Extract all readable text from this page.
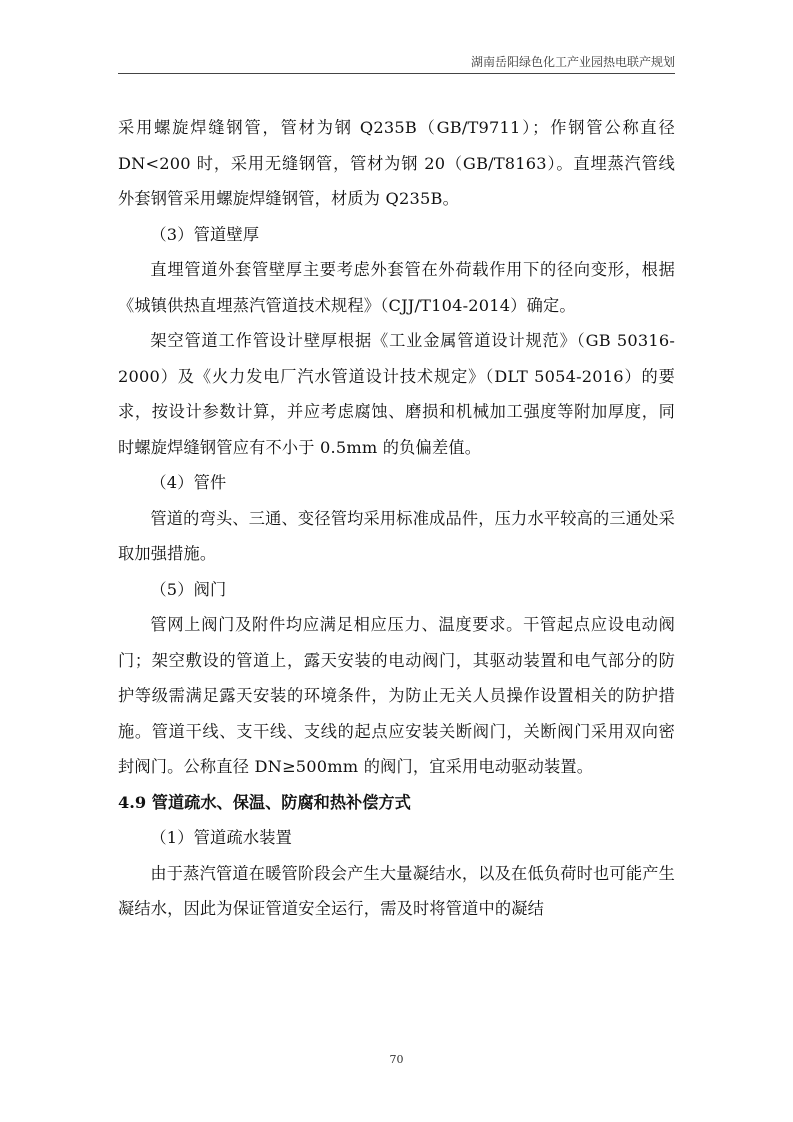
湖南岳阳绿色化工产业园热电联产规划

采用螺旋焊缝钢管，管材为钢 Q235B（GB/T9711）；作钢管公称直径 DN<200 时，采用无缝钢管，管材为钢 20（GB/T8163）。直埋蒸汽管线外套钢管采用螺旋焊缝钢管，材质为 Q235B。

（3）管道壁厚

直埋管道外套管壁厚主要考虑外套管在外荷载作用下的径向变形，根据《城镇供热直埋蒸汽管道技术规程》（CJJ/T104-2014）确定。

架空管道工作管设计壁厚根据《工业金属管道设计规范》（GB 50316-2000）及《火力发电厂汽水管道设计技术规定》（DLT 5054-2016）的要求，按设计参数计算，并应考虑腐蚀、磨损和机械加工强度等附加厚度，同时螺旋焊缝钢管应有不小于 0.5mm 的负偏差值。

（4）管件

管道的弯头、三通、变径管均采用标准成品件，压力水平较高的三通处采取加强措施。

（5）阀门

管网上阀门及附件均应满足相应压力、温度要求。干管起点应设电动阀门；架空敷设的管道上，露天安装的电动阀门，其驱动装置和电气部分的防护等级需满足露天安装的环境条件，为防止无关人员操作设置相关的防护措施。管道干线、支干线、支线的起点应安装关断阀门，关断阀门采用双向密封阀门。公称直径 DN≥500mm 的阀门，宜采用电动驱动装置。

4.9 管道疏水、保温、防腐和热补偿方式

（1）管道疏水装置

由于蒸汽管道在暖管阶段会产生大量凝结水，以及在低负荷时也可能产生凝结水，因此为保证管道安全运行，需及时将管道中的凝结

70
